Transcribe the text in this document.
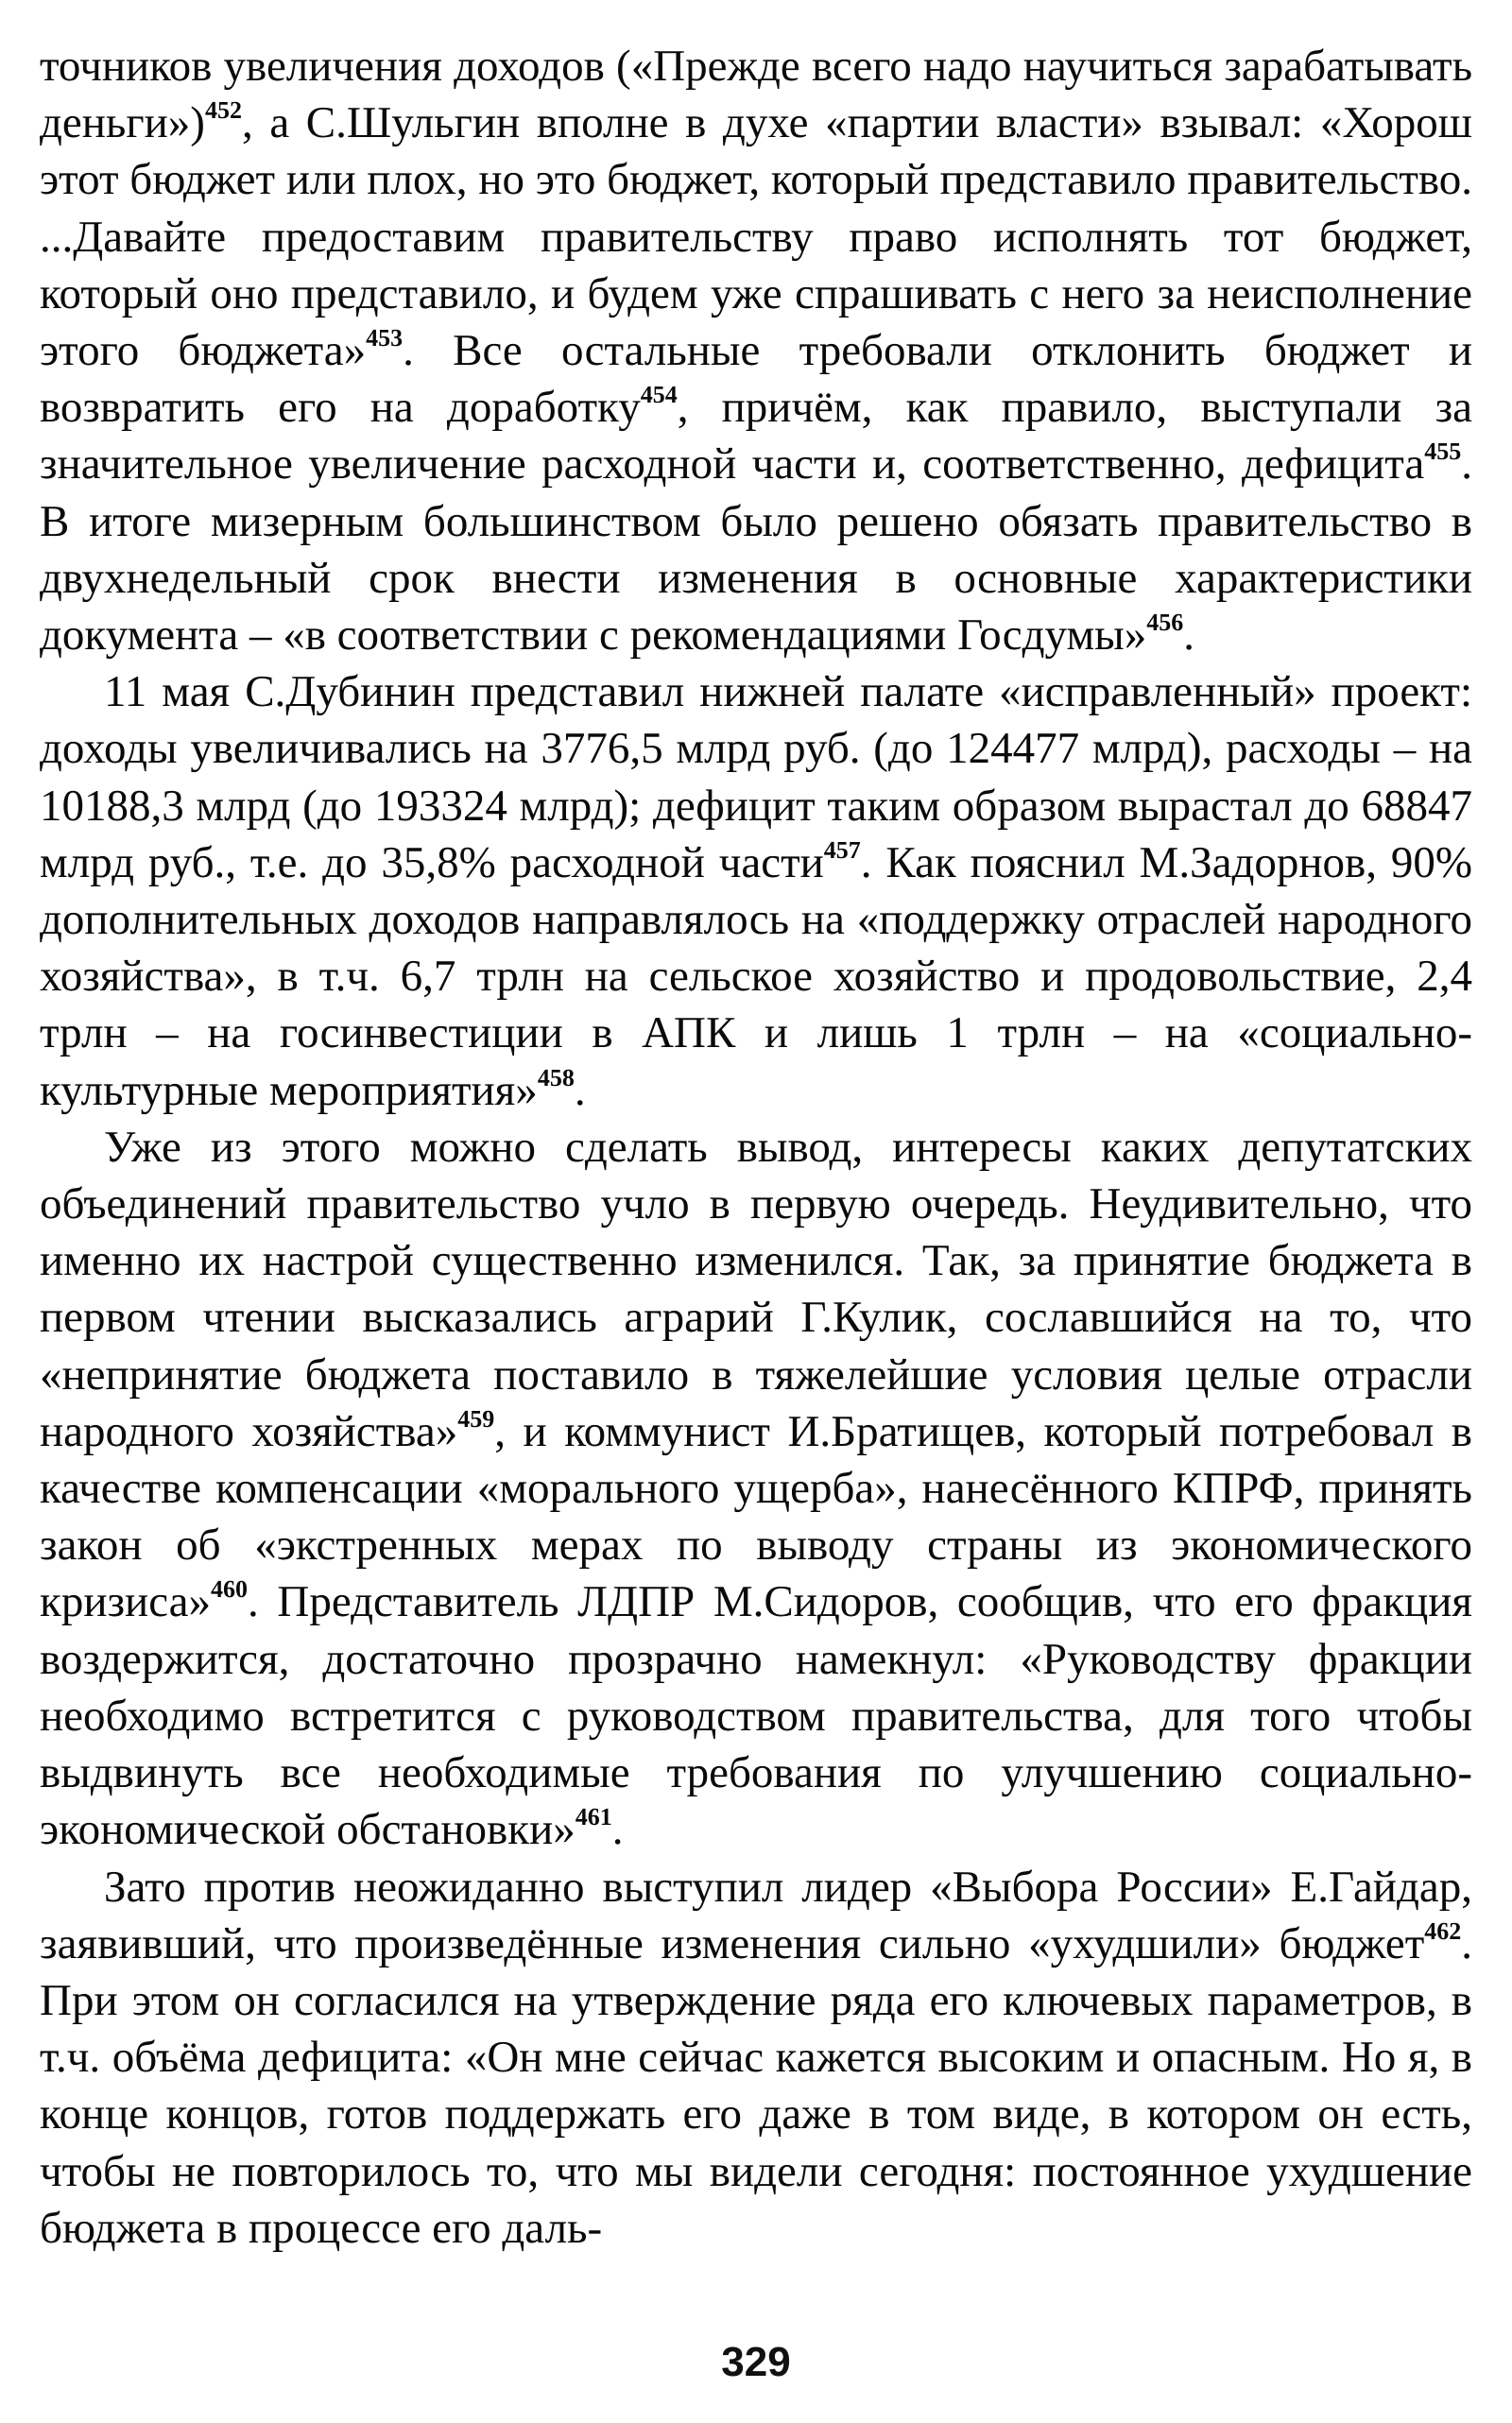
точников увеличения доходов («Прежде всего надо научиться зарабатывать деньги»)$^{452}$, а С.Шульгин вполне в духе «партии власти» взывал: «Хорош этот бюджет или плох, но это бюджет, который представило правительство. ...Давайте предоставим правительству право исполнять тот бюджет, который оно представило, и будем уже спрашивать с него за неисполнение этого бюджета»$^{453}$. Все остальные требовали отклонить бюджет и возвратить его на доработку$^{454}$, причём, как правило, выступали за значительное увеличение расходной части и, соответственно, дефицита$^{455}$. В итоге мизерным большинством было решено обязать правительство в двухнедельный срок внести изменения в основные характеристики документа – «в соответствии с рекомендациями Госдумы»$^{456}$.

11 мая С.Дубинин представил нижней палате «исправленный» проект: доходы увеличивались на 3776,5 млрд руб. (до 124477 млрд), расходы – на 10188,3 млрд (до 193324 млрд); дефицит таким образом вырастал до 68847 млрд руб., т.е. до 35,8% расходной части$^{457}$. Как пояснил М.Задорнов, 90% дополнительных доходов направлялось на «поддержку отраслей народного хозяйства», в т.ч. 6,7 трлн на сельское хозяйство и продовольствие, 2,4 трлн – на госинвестиции в АПК и лишь 1 трлн – на «социально-культурные мероприятия»$^{458}$.

Уже из этого можно сделать вывод, интересы каких депутатских объединений правительство учло в первую очередь. Неудивительно, что именно их настрой существенно изменился. Так, за принятие бюджета в первом чтении высказались аграрий Г.Кулик, сославшийся на то, что «непринятие бюджета поставило в тяжелейшие условия целые отрасли народного хозяйства»$^{459}$, и коммунист И.Братищев, который потребовал в качестве компенсации «морального ущерба», нанесённого КПРФ, принять закон об «экстренных мерах по выводу страны из экономического кризиса»$^{460}$. Представитель ЛДПР М.Сидоров, сообщив, что его фракция воздержится, достаточно прозрачно намекнул: «Руководству фракции необходимо встретится с руководством правительства, для того чтобы выдвинуть все необходимые требования по улучшению социально-экономической обстановки»$^{461}$.

Зато против неожиданно выступил лидер «Выбора России» Е.Гайдар, заявивший, что произведённые изменения сильно «ухудшили» бюджет$^{462}$. При этом он согласился на утверждение ряда его ключевых параметров, в т.ч. объёма дефицита: «Он мне сейчас кажется высоким и опасным. Но я, в конце концов, готов поддержать его даже в том виде, в котором он есть, чтобы не повторилось то, что мы видели сегодня: постоянное ухудшение бюджета в процессе его даль-

329
